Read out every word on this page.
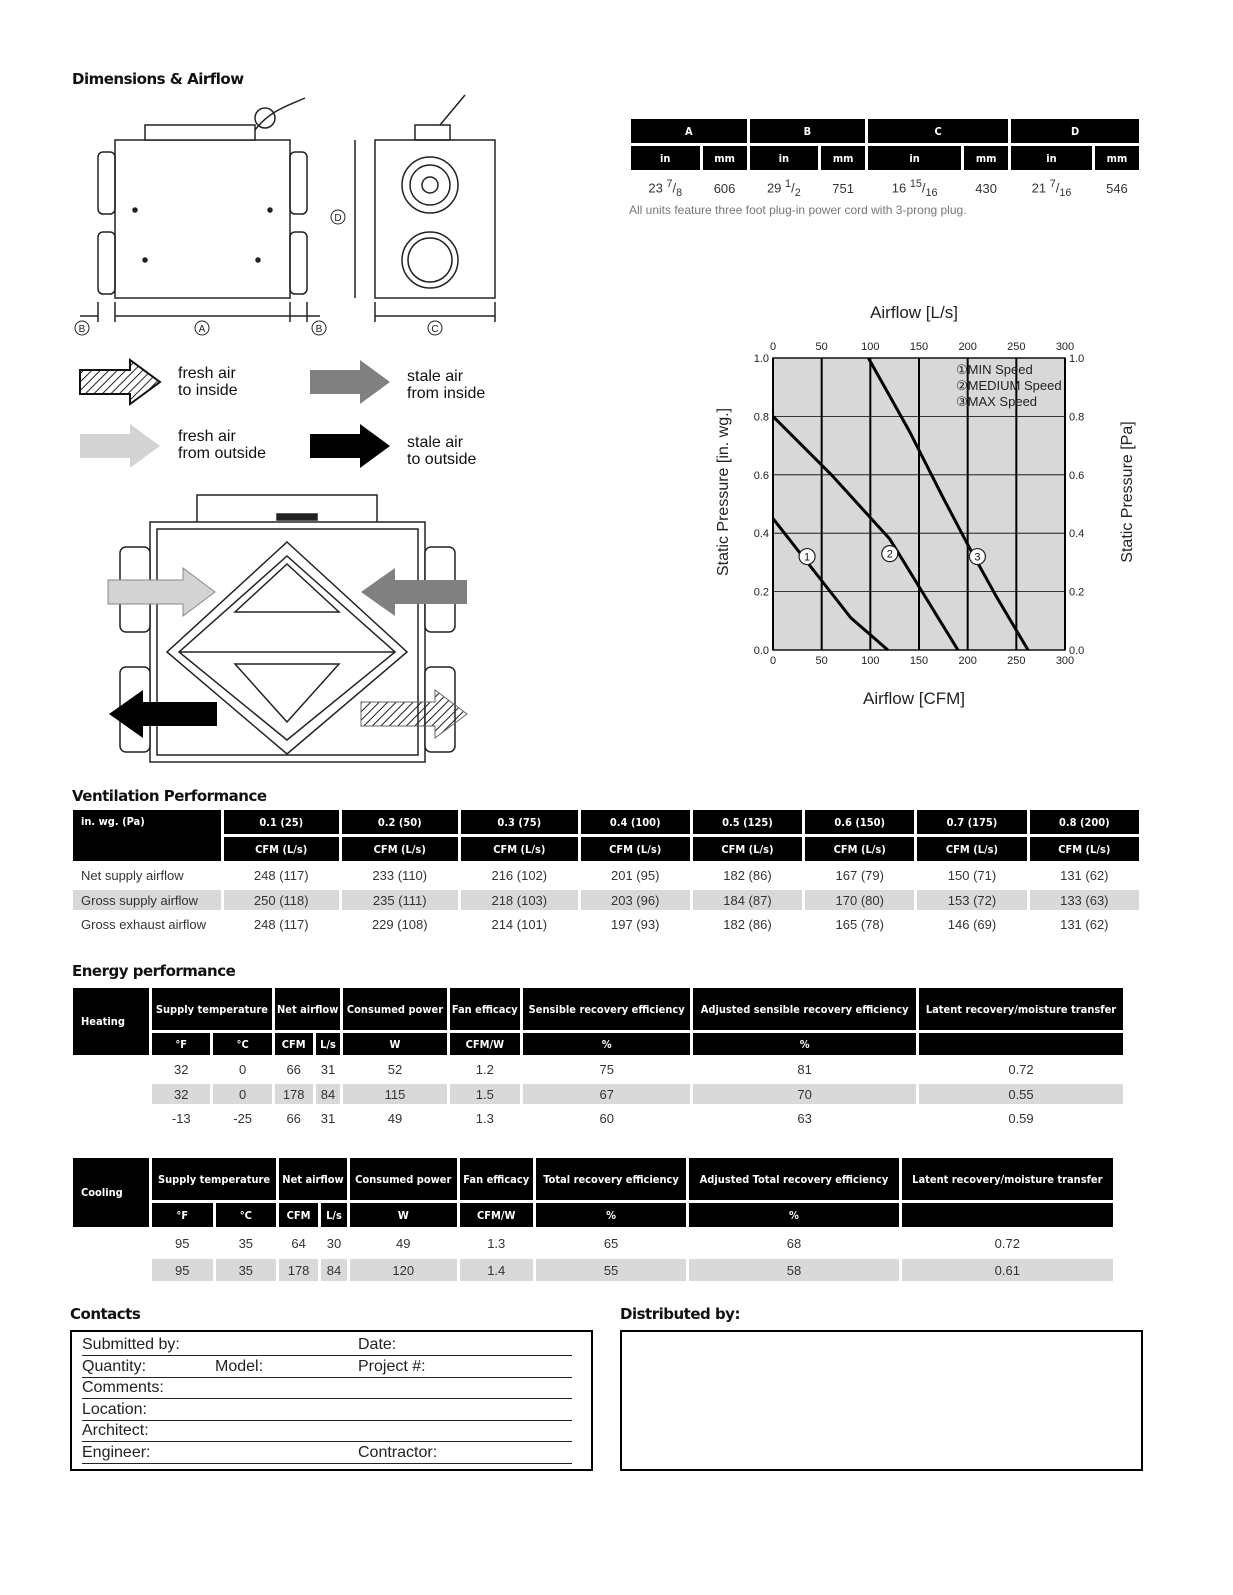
Dimensions & Airflow
B	A	B	C
D
A		B		C		D	
in	mm	in	mm	in	mm	in	mm
23 $^7/_8$	606	29 $^1/_2$	751	16 $^{15}/_{16}$	430	21 $^7/_{16}$	546
All units feature three foot plug-in power cord with 3-prong plug.
fresh air
to inside
stale air
from inside
fresh air
from outside
stale air
to outside
Airflow [L/s]
Airflow [CFM]
Static Pressure [in. wg.]	Static Pressure [Pa]
1	2	3
0	50	100	150	200	250	300
0	50	100	150	200	250	300
0.0
0.2
0.4
0.6
0.8
1.0
0.0
0.2
0.4
0.6
0.8
1.0
①MIN Speed
②MEDIUM Speed
③MAX Speed
Ventilation Performance
in. wg. (Pa)	0.1 (25)	0.2 (50)	0.3 (75)	0.4 (100)	0.5 (125)	0.6 (150)	0.7 (175)	0.8 (200)
	CFM (L/s)	CFM (L/s)	CFM (L/s)	CFM (L/s)	CFM (L/s)	CFM (L/s)	CFM (L/s)	CFM (L/s)
Net supply airflow	248 (117)	233 (110)	216 (102)	201 (95)	182 (86)	167 (79)	150 (71)	131 (62)
Gross supply airflow	250 (118)	235 (111)	218 (103)	203 (96)	184 (87)	170 (80)	153 (72)	133 (63)
Gross exhaust airflow	248 (117)	229 (108)	214 (101)	197 (93)	182 (86)	165 (78)	146 (69)	131 (62)
Energy performance
Heating	Supply temperature		Net airflow		Consumed power	Fan efficacy	Sensible recovery efficiency	Adjusted sensible recovery efficiency	Latent recovery/moisture transfer
	°F	°C	CFM	L/s	W	CFM/W	%	%	
	32	0	66	31	52	1.2	75	81	0.72
	32	0	178	84	115	1.5	67	70	0.55
	-13	-25	66	31	49	1.3	60	63	0.59
Cooling	Supply temperature		Net airflow		Consumed power	Fan efficacy	Total recovery efficiency	Adjusted Total recovery efficiency	Latent recovery/moisture transfer
	°F	°C	CFM	L/s	W	CFM/W	%	%	
	95	35	64	30	49	1.3	65	68	0.72
	95	35	178	84	120	1.4	55	58	0.61
Contacts
Submitted by:	Date:
Quantity:	Model:	Project #:
Comments:
Location:
Architect:
Engineer:	Contractor:
Distributed by:
